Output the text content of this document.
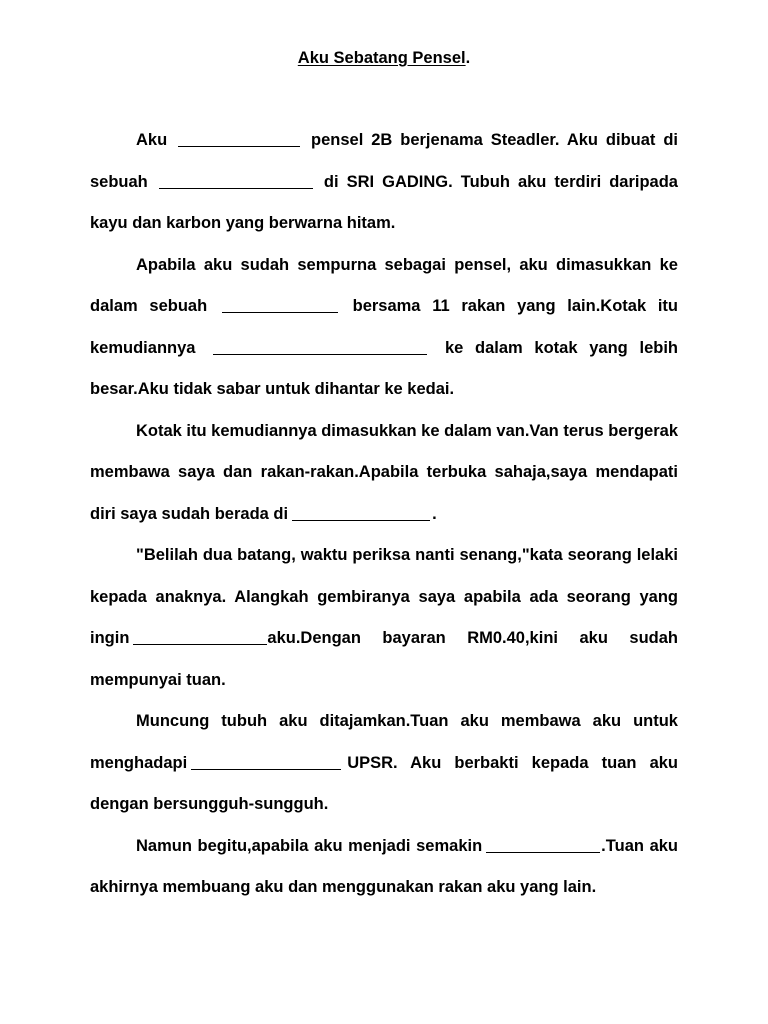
Aku Sebatang Pensel.

Aku	pensel 2B berjenama Steadler. Aku dibuat di sebuah	di SRI GADING. Tubuh aku terdiri daripada kayu dan karbon yang berwarna hitam.

Apabila aku sudah sempurna sebagai pensel, aku dimasukkan ke dalam sebuah	bersama 11 rakan yang lain.Kotak itu kemudiannya	ke dalam kotak yang lebih besar.Aku tidak sabar untuk dihantar ke kedai.

Kotak itu kemudiannya dimasukkan ke dalam van.Van terus bergerak membawa saya dan rakan-rakan.Apabila terbuka sahaja,saya mendapati diri saya sudah berada di	.

"Belilah dua batang, waktu periksa nanti senang,"kata seorang lelaki kepada anaknya. Alangkah gembiranya saya apabila ada seorang yang ingin	aku.Dengan bayaran RM0.40,kini aku sudah mempunyai tuan.

Muncung tubuh aku ditajamkan.Tuan aku membawa aku untuk menghadapi	UPSR. Aku berbakti kepada tuan aku dengan bersungguh-sungguh.

Namun begitu,apabila aku menjadi semakin	.Tuan aku akhirnya membuang aku dan menggunakan rakan aku yang lain.
